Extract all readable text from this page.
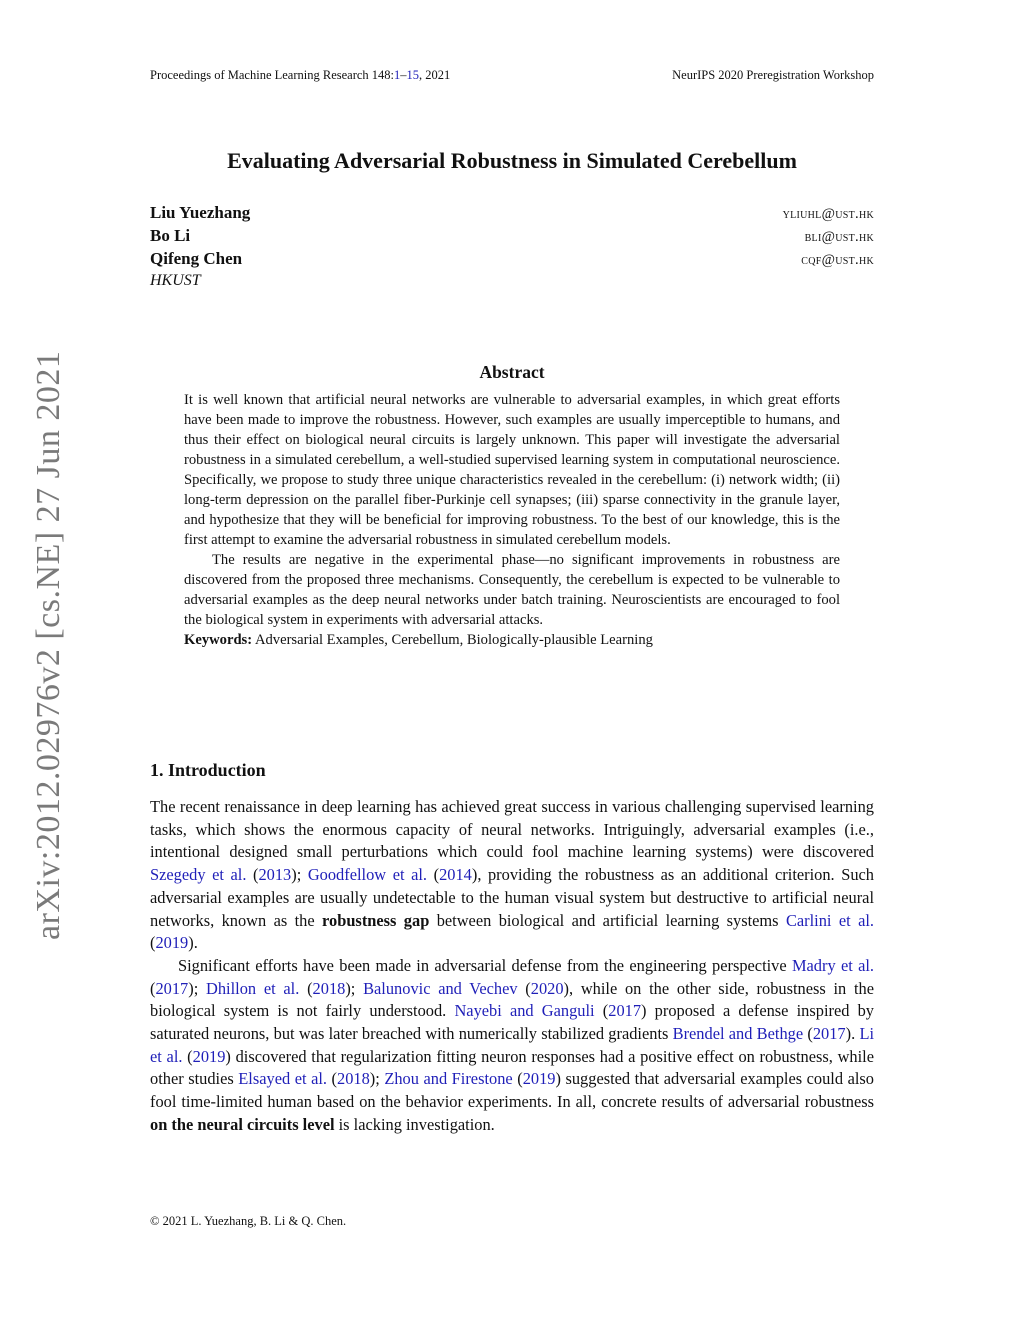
Proceedings of Machine Learning Research 148:1–15, 2021	NeurIPS 2020 Preregistration Workshop
arXiv:2012.02976v2 [cs.NE] 27 Jun 2021
Evaluating Adversarial Robustness in Simulated Cerebellum
Liu Yuezhang	yliuhl@ust.hk
Bo Li	bli@ust.hk
Qifeng Chen	cqf@ust.hk
HKUST
Abstract

It is well known that artificial neural networks are vulnerable to adversarial examples, in which great efforts have been made to improve the robustness. However, such examples are usually imperceptible to humans, and thus their effect on biological neural circuits is largely unknown. This paper will investigate the adversarial robustness in a simulated cerebellum, a well-studied supervised learning system in computational neuroscience. Specifically, we propose to study three unique characteristics revealed in the cerebellum: (i) network width; (ii) long-term depression on the parallel fiber-Purkinje cell synapses; (iii) sparse connectivity in the granule layer, and hypothesize that they will be beneficial for improving robustness. To the best of our knowledge, this is the first attempt to examine the adversarial robustness in simulated cerebellum models.

The results are negative in the experimental phase—no significant improvements in robustness are discovered from the proposed three mechanisms. Consequently, the cerebellum is expected to be vulnerable to adversarial examples as the deep neural networks under batch training. Neuroscientists are encouraged to fool the biological system in experiments with adversarial attacks.

Keywords: Adversarial Examples, Cerebellum, Biologically-plausible Learning

1. Introduction

The recent renaissance in deep learning has achieved great success in various challenging supervised learning tasks, which shows the enormous capacity of neural networks. Intriguingly, adversarial examples (i.e., intentional designed small perturbations which could fool machine learning systems) were discovered Szegedy et al. (2013); Goodfellow et al. (2014), providing the robustness as an additional criterion. Such adversarial examples are usually undetectable to the human visual system but destructive to artificial neural networks, known as the robustness gap between biological and artificial learning systems Carlini et al. (2019).

Significant efforts have been made in adversarial defense from the engineering perspective Madry et al. (2017); Dhillon et al. (2018); Balunovic and Vechev (2020), while on the other side, robustness in the biological system is not fairly understood. Nayebi and Ganguli (2017) proposed a defense inspired by saturated neurons, but was later breached with numerically stabilized gradients Brendel and Bethge (2017). Li et al. (2019) discovered that regularization fitting neuron responses had a positive effect on robustness, while other studies Elsayed et al. (2018); Zhou and Firestone (2019) suggested that adversarial examples could also fool time-limited human based on the behavior experiments. In all, concrete results of adversarial robustness on the neural circuits level is lacking investigation.

© 2021 L. Yuezhang, B. Li & Q. Chen.
